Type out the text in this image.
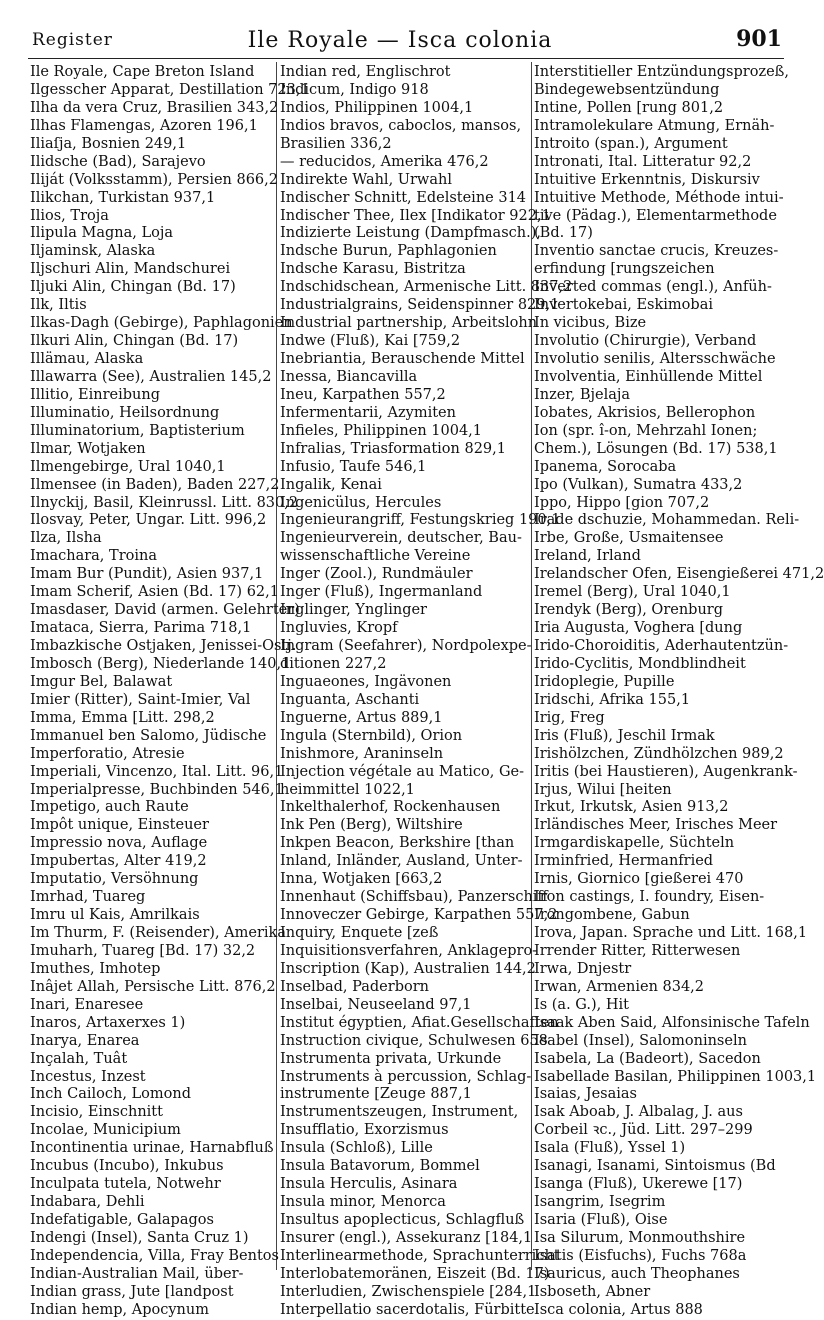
Register	Ile Royale — Isca colonia	901
Ile Royale, Cape Breton Island
Ilgesscher Apparat, Destillation 723,1
Ilha da vera Cruz, Brasilien 343,2
Ilhas Flamengas, Azoren 196,1
Iliaſja, Bosnien 249,1
Ilidsche (Bad), Sarajevo
Iliját (Volksstamm), Persien 866,2
Ilikchan, Turkistan 937,1
Ilios, Troja
Ilipula Magna, Loja
Iljaminsk, Alaska
Iljschuri Alin, Mandschurei
Iljuki Alin, Chingan (Bd. 17)
Ilk, Iltis
Ilkas-Dagh (Gebirge), Paphlagonien
Ilkuri Alin, Chingan (Bd. 17)
Illämau, Alaska
Illawarra (See), Australien 145,2
Illitio, Einreibung
Illuminatio, Heilsordnung
Illuminatorium, Baptisterium
Ilmar, Wotjaken
Ilmengebirge, Ural 1040,1
Ilmensee (in Baden), Baden 227,2
Ilnyckij, Basil, Kleinrussl. Litt. 830,2
Ilosvay, Peter, Ungar. Litt. 996,2
Ilza, Ilsha
Imachara, Troina
Imam Bur (Pundit), Asien 937,1
Imam Scherif, Asien (Bd. 17) 62,1
Imasdaser, David (armen. Gelehrter)
Imataca, Sierra, Parima 718,1
Imbazkische Ostjaken, Jenissei-Ostj.
Imbosch (Berg), Niederlande 140,1
Imgur Bel, Balawat
Imier (Ritter), Saint-Imier, Val
Imma, Emma [Litt. 298,2
Immanuel ben Salomo, Jüdische
Imperforatio, Atresie
Imperiali, Vincenzo, Ital. Litt. 96,1
Imperialpresse, Buchbinden 546,1
Impetigo, auch Raute
Impôt unique, Einsteuer
Impressio nova, Auflage
Impubertas, Alter 419,2
Imputatio, Versöhnung
Imrhad, Tuareg
Imru ul Kais, Amrilkais
Im Thurm, F. (Reisender), Amerika
Imuharh, Tuareg [Bd. 17) 32,2
Imuthes, Imhotep
Inâjet Allah, Persische Litt. 876,2
Inari, Enaresee
Inaros, Artaxerxes 1)
Inarya, Enarea
Inçalah, Tuât
Incestus, Inzest
Inch Cailoch, Lomond
Incisio, Einschnitt
Incolae, Municipium
Incontinentia urinae, Harnabfluß
Incubus (Incubo), Inkubus
Inculpata tutela, Notwehr
Indabara, Dehli
Indefatigable, Galapagos
Indengi (Insel), Santa Cruz 1)
Independencia, Villa, Fray Bentos
Indian-Australian Mail, über-
Indian grass, Jute [landpost
Indian hemp, Apocynum
Indian red, Englischrot
Indicum, Indigo 918
Indios, Philippinen 1004,1
Indios bravos, caboclos, mansos,
Brasilien 336,2
— reducidos, Amerika 476,2
Indirekte Wahl, Urwahl
Indischer Schnitt, Edelsteine 314
Indischer Thee, Ilex [Indikator 922,1
Indizierte Leistung (Dampfmasch.),
Indsche Burun, Paphlagonien
Indsche Karasu, Bistritza
Indschidschean, Armenische Litt. 837,2
Industrialgrains, Seidenspinner 829,1
Industrial partnership, Arbeitslohn
Indwe (Fluß), Kai [759,2
Inebriantia, Berauschende Mittel
Inessa, Biancavilla
Ineu, Karpathen 557,2
Infermentarii, Azymiten
Infieles, Philippinen 1004,1
Infralias, Triasformation 829,1
Infusio, Taufe 546,1
Ingalik, Kenai
Ingenicülus, Hercules
Ingenieurangriff, Festungskrieg 190,1
Ingenieurverein, deutscher, Bau-
wissenschaftliche Vereine
Inger (Zool.), Rundmäuler
Inger (Fluß), Ingermanland
Inglinger, Ynglinger
Ingluvies, Kropf
Ingram (Seefahrer), Nordpolexpe-
ditionen 227,2
Inguaeones, Ingävonen
Inguanta, Aschanti
Inguerne, Artus 889,1
Ingula (Sternbild), Orion
Inishmore, Araninseln
Injection végétale au Matico, Ge-
heimmittel 1022,1
Inkelthalerhof, Rockenhausen
Ink Pen (Berg), Wiltshire
Inkpen Beacon, Berkshire [than
Inland, Inländer, Ausland, Unter-
Inna, Wotjaken [663,2
Innenhaut (Schiffsbau), Panzerschiff
Innoveczer Gebirge, Karpathen 557,2
Inquiry, Enquete [zeß
Inquisitionsverfahren, Anklageprо-
Inscription (Kap), Australien 144,2
Inselbad, Paderborn
Inselbai, Neuseeland 97,1
Institut égyptien, Afiat.Gesellschaften
Instruction civique, Schulwesen 658
Instrumenta privata, Urkunde
Instruments à percussion, Schlag-
instrumente [Zeuge 887,1
Instrumentszeugen, Instrument,
Insufflatio, Exorzismus
Insula (Schloß), Lille
Insula Batavorum, Bommel
Insula Herculis, Asinara
Insula minor, Menorca
Insultus apoplecticus, Schlagfluß
Insurer (engl.), Assekuranz [184,1
Interlinearmethode, Sprachunterricht
Interlobatemoränen, Eiszeit (Bd. 17)
Interludien, Zwischenspiele [284,1
Interpellatio sacerdotalis, Fürbitte
Interstitieller Entzündungsprozeß,
Bindegewebsentzündung
Intine, Pollen [rung 801,2
Intramolekulare Atmung, Ernäh-
Introito (span.), Argument
Intronati, Ital. Litteratur 92,2
Intuitive Erkenntnis, Diskursiv
Intuitive Methode, Méthode intui-
tive (Pädag.), Elementarmethode
(Bd. 17)
Inventio sanctae crucis, Kreuzes-
erfindung [rungszeichen
Inverted commas (engl.), Anfüh-
Invertokebai, Eskimobai
In vicibus, Bize
Involutio (Chirurgie), Verband
Involutio senilis, Altersschwäche
Involventia, Einhüllende Mittel
Inzer, Bjelaja
Iobates, Akrisios, Bellerophon
Ion (spr. î-on, Mehrzahl Ionen;
Chem.), Lösungen (Bd. 17) 538,1
Ipanema, Sorocaba
Ipo (Vulkan), Sumatra 433,2
Ippo, Hippo [gion 707,2
Irade dschuzie, Mohammedan. Reli-
Irbe, Große, Usmaitensee
Ireland, Irland
Irelandscher Ofen, Eisengießerei 471,2
Iremel (Berg), Ural 1040,1
Irendyk (Berg), Orenburg
Iria Augusta, Voghera [dung
Irido-Choroiditis, Aderhautentzün-
Irido-Cyclitis, Mondblindheit
Iridoplegie, Pupille
Iridschi, Afrika 155,1
Irig, Freg
Iris (Fluß), Jeschil Irmak
Irishölzchen, Zündhölzchen 989,2
Iritis (bei Haustieren), Augenkrank-
Irjus, Wilui [heiten
Irkut, Irkutsk, Asien 913,2
Irländisches Meer, Irisches Meer
Irmgardiskapelle, Süchteln
Irminfried, Hermanfried
Irnis, Giornico [gießerei 470
Iron castings, I. foundry, Eisen-
Irongombene, Gabun
Irova, Japan. Sprache und Litt. 168,1
Irrender Ritter, Ritterwesen
Irwa, Dnjestr
Irwan, Armenien 834,2
Is (a. G.), Hit
Isaak Aben Said, Alfonsinische Tafeln
Isabel (Insel), Salomoninseln
Isabela, La (Badeort), Sacedon
Isabelladе Basilan, Philippinen 1003,1
Isaias, Jesaias
Isak Aboab, J. Albalag, J. aus
Corbeil ꝛc., Jüd. Litt. 297–299
Isala (Fluß), Yssel 1)
Isanagi, Isanami, Sintoismus (Bd
Isanga (Fluß), Ukerewe [17)
Isangrim, Isegrim
Isaria (Fluß), Oise
Isa Silurum, Monmouthshire
Isatis (Eisfuchs), Fuchs 768a
Isauricus, auch Theophanes
Isboseth, Abner
Isca colonia, Artus 888
